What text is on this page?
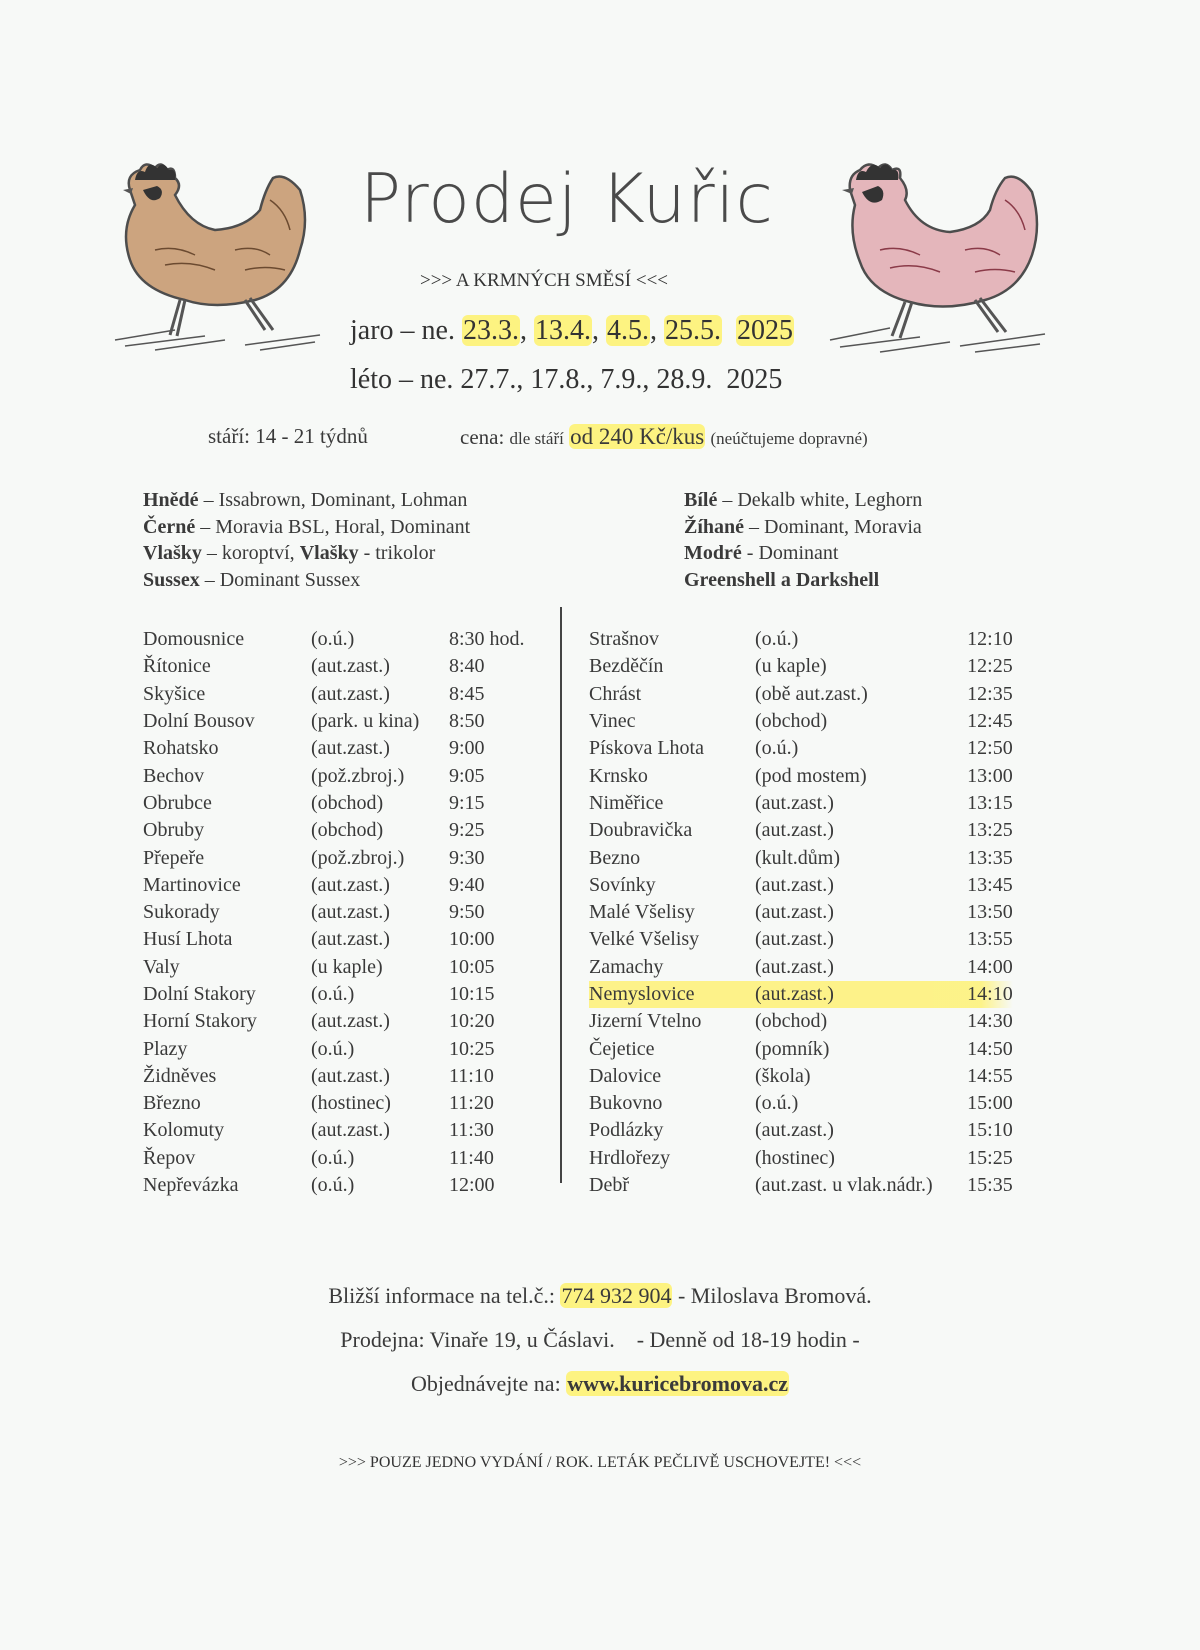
Prodej Kuřic
>>> A KRMNÝCH SMĚSÍ <<<
jaro – ne. 23.3., 13.4., 4.5., 25.5. 2025
léto – ne. 27.7., 17.8., 7.9., 28.9. 2025
stáří: 14 - 21 týdnů	cena: dle stáří od 240 Kč/kus (neúčtujeme dopravné)
Hnědé – Issabrown, Dominant, Lohman
Černé – Moravia BSL, Horal, Dominant
Vlašky – koroptví, Vlašky - trikolor
Sussex – Dominant Sussex
Bílé – Dekalb white, Leghorn
Žíhané – Dominant, Moravia
Modré - Dominant
Greenshell a Darkshell
Domousnice	(o.ú.)	8:30 hod.
Řítonice	(aut.zast.)	8:40
Skyšice	(aut.zast.)	8:45
Dolní Bousov	(park. u kina)	8:50
Rohatsko	(aut.zast.)	9:00
Bechov	(pož.zbroj.)	9:05
Obrubce	(obchod)	9:15
Obruby	(obchod)	9:25
Přepeře	(pož.zbroj.)	9:30
Martinovice	(aut.zast.)	9:40
Sukorady	(aut.zast.)	9:50
Husí Lhota	(aut.zast.)	10:00
Valy	(u kaple)	10:05
Dolní Stakory	(o.ú.)	10:15
Horní Stakory	(aut.zast.)	10:20
Plazy	(o.ú.)	10:25
Židněves	(aut.zast.)	11:10
Březno	(hostinec)	11:20
Kolomuty	(aut.zast.)	11:30
Řepov	(o.ú.)	11:40
Nepřevázka	(o.ú.)	12:00
Strašnov	(o.ú.)	12:10
Bezděčín	(u kaple)	12:25
Chrást	(obě aut.zast.)	12:35
Vinec	(obchod)	12:45
Pískova Lhota	(o.ú.)	12:50
Krnsko	(pod mostem)	13:00
Niměřice	(aut.zast.)	13:15
Doubravička	(aut.zast.)	13:25
Bezno	(kult.dům)	13:35
Sovínky	(aut.zast.)	13:45
Malé Všelisy	(aut.zast.)	13:50
Velké Všelisy	(aut.zast.)	13:55
Zamachy	(aut.zast.)	14:00
Nemyslovice	(aut.zast.)	14:10
Jizerní Vtelno	(obchod)	14:30
Čejetice	(pomník)	14:50
Dalovice	(škola)	14:55
Bukovno	(o.ú.)	15:00
Podlázky	(aut.zast.)	15:10
Hrdlořezy	(hostinec)	15:25
Debř	(aut.zast. u vlak.nádr.)	15:35
Bližší informace na tel.č.: 774 932 904 - Miloslava Bromová.
Prodejna: Vinaře 19, u Čáslavi.    - Denně od 18-19 hodin -
Objednávejte na: www.kuricebromova.cz
>>> POUZE JEDNO VYDÁNÍ / ROK. LETÁK PEČLIVĚ USCHOVEJTE! <<<
